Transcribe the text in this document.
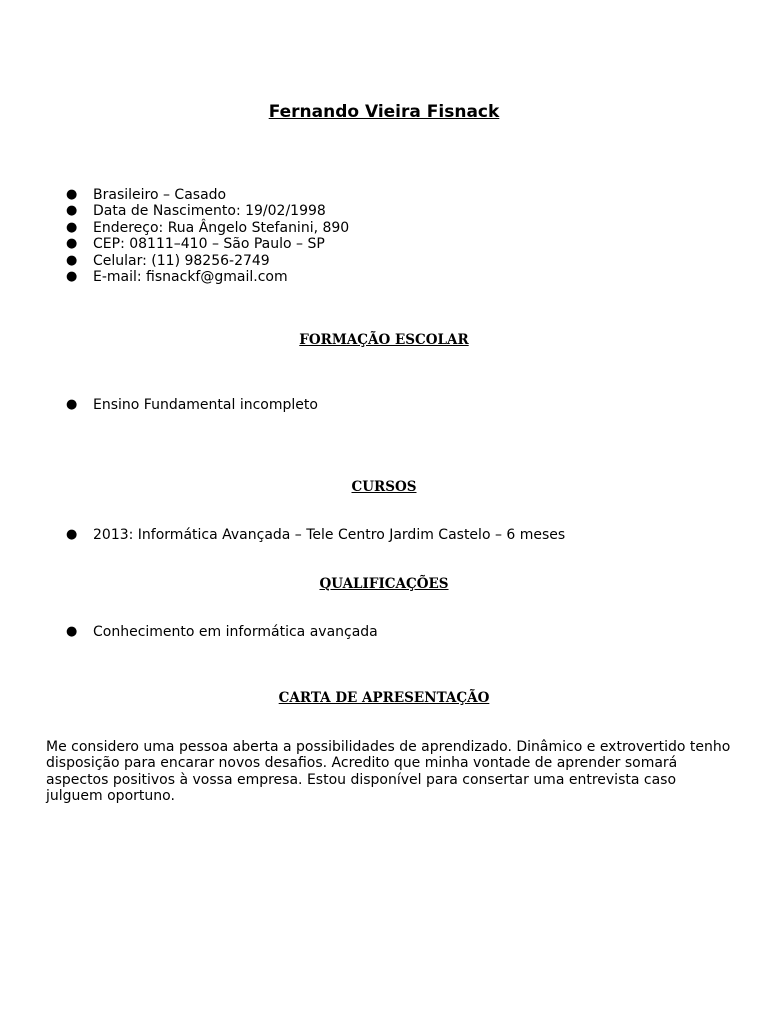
Fernando Vieira Fisnack
● Brasileiro – Casado
● Data de Nascimento: 19/02/1998
● Endereço: Rua Ângelo Stefanini, 890
● CEP: 08111–410 – São Paulo – SP
● Celular: (11) 98256-2749
● E-mail: fisnackf@gmail.com
FORMAÇÃO ESCOLAR
● Ensino Fundamental incompleto
CURSOS
● 2013: Informática Avançada – Tele Centro Jardim Castelo – 6 meses
QUALIFICAÇÕES
● Conhecimento em informática avançada
CARTA DE APRESENTAÇÃO

Me considero uma pessoa aberta a possibilidades de aprendizado. Dinâmico e extrovertido tenho disposição para encarar novos desafios. Acredito que minha vontade de aprender somará aspectos positivos à vossa empresa. Estou disponível para consertar uma entrevista caso julguem oportuno.
